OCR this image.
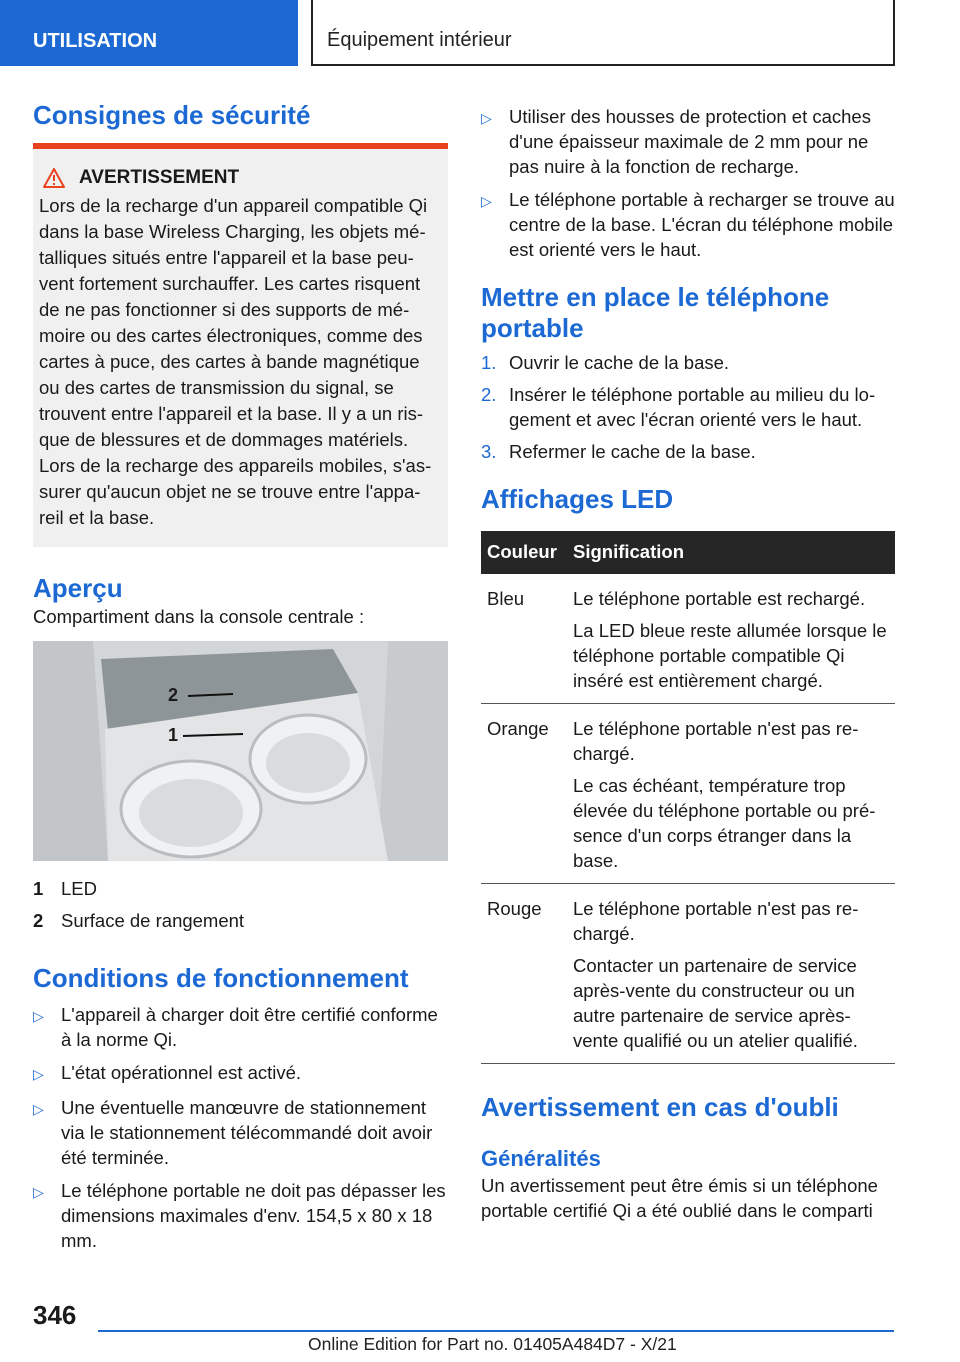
UTILISATION	Équipement intérieur
Consignes de sécurité
AVERTISSEMENT

Lors de la recharge d'un appareil compatible Qi dans la base Wireless Charging, les objets métalliques situés entre l'appareil et la base peuvent fortement surchauffer. Les cartes risquent de ne pas fonctionner si des supports de mémoire ou des cartes électroniques, comme des cartes à puce, des cartes à bande magnétique ou des cartes de transmission du signal, se trouvent entre l'appareil et la base. Il y a un risque de blessures et de dommages matériels. Lors de la recharge des appareils mobiles, s'assurer qu'aucun objet ne se trouve entre l'appareil et la base.

Aperçu

Compartiment dans la console centrale :

2
1
1 LED
2 Surface de rangement
Conditions de fonctionnement
▷ L'appareil à charger doit être certifié conforme à la norme Qi.
▷ L'état opérationnel est activé.
▷ Une éventuelle manœuvre de stationnement via le stationnement télécommandé doit avoir été terminée.
▷ Le téléphone portable ne doit pas dépasser les dimensions maximales d'env. 154,5 x 80 x 18 mm.
▷ Utiliser des housses de protection et caches d'une épaisseur maximale de 2 mm pour ne pas nuire à la fonction de recharge.
▷ Le téléphone portable à recharger se trouve au centre de la base. L'écran du téléphone mobile est orienté vers le haut.
Mettre en place le téléphone portable
1. Ouvrir le cache de la base.
2. Insérer le téléphone portable au milieu du logement et avec l'écran orienté vers le haut.
3. Refermer le cache de la base.
Affichages LED
Couleur	Signification
Bleu	Le téléphone portable est rechargé.

La LED bleue reste allumée lorsque le téléphone portable compatible Qi inséré est entièrement chargé.

Orange	Le téléphone portable n'est pas rechargé.

Le cas échéant, température trop élevée du téléphone portable ou présence d'un corps étranger dans la base.

Rouge	Le téléphone portable n'est pas rechargé.

Contacter un partenaire de service après-vente du constructeur ou un autre partenaire de service après-vente qualifié ou un atelier qualifié.

Avertissement en cas d'oubli
Généralités

Un avertissement peut être émis si un téléphone portable certifié Qi a été oublié dans le comparti

346
Online Edition for Part no. 01405A484D7 - X/21
